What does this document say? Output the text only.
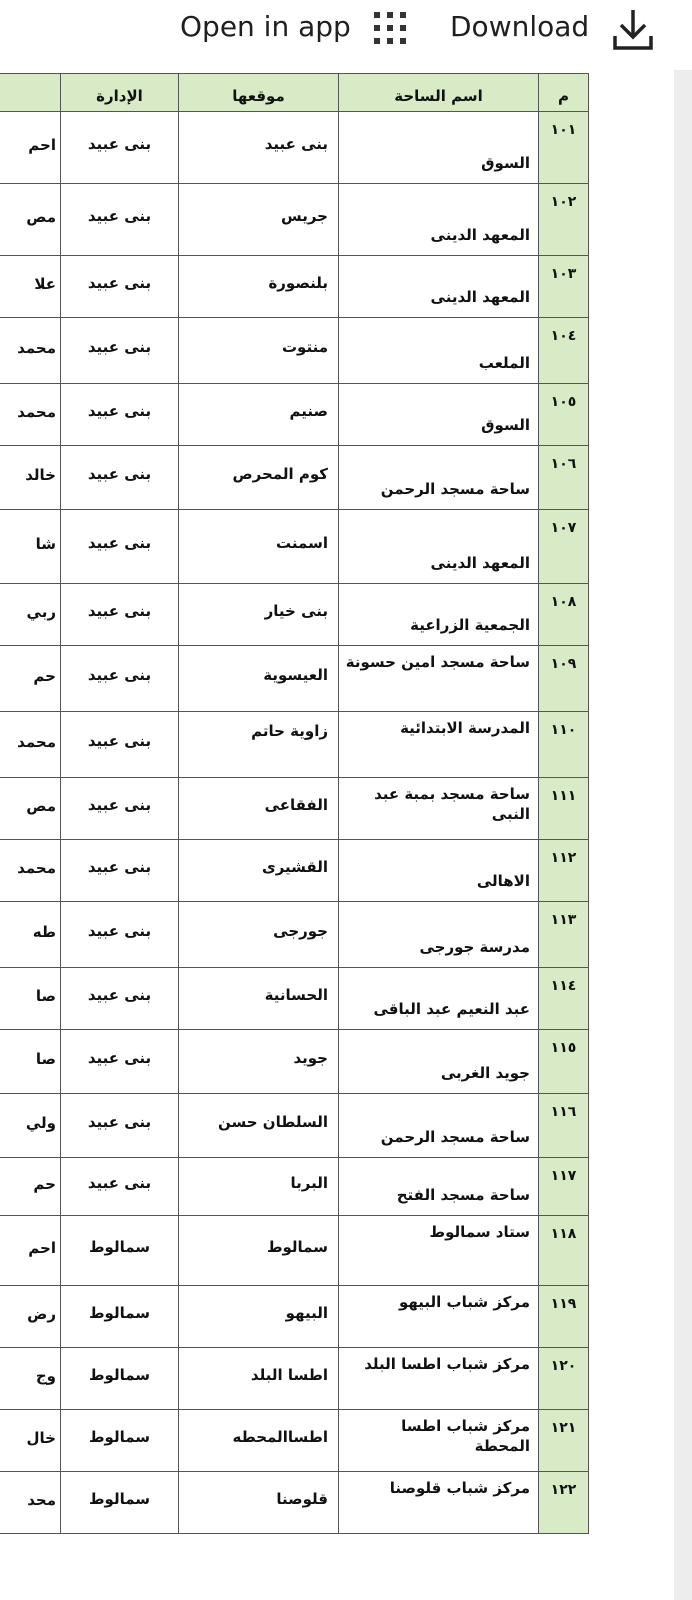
Open in app	Download
م	اسم الساحة	موقعها	الإدارة	
١٠١	السوق	بنى عبيد	بنى عبيد	احم
١٠٢	المعهد الدينى	جريس	بنى عبيد	مص
١٠٣	المعهد الدينى	بلنصورة	بنى عبيد	علا
١٠٤	الملعب	منتوت	بنى عبيد	محمد
١٠٥	السوق	صنيم	بنى عبيد	محمد
١٠٦	ساحة مسجد الرحمن	كوم المحرص	بنى عبيد	خالد
١٠٧	المعهد الدينى	اسمنت	بنى عبيد	شا
١٠٨	الجمعية الزراعية	بنى خيار	بنى عبيد	ربي
١٠٩	ساحة مسجد امين حسونة	العيسوية	بنى عبيد	حم
١١٠	المدرسة الابتدائية	زاوية حاتم	بنى عبيد	محمد
١١١	ساحة مسجد بمبة عبد النبى	الفقاعى	بنى عبيد	مص
١١٢	الاهالى	القشيرى	بنى عبيد	محمد
١١٣	مدرسة جورجى	جورجى	بنى عبيد	طه
١١٤	عبد النعيم عبد الباقى	الحسانية	بنى عبيد	صا
١١٥	جويد الغربى	جويد	بنى عبيد	صا
١١٦	ساحة مسجد الرحمن	السلطان حسن	بنى عبيد	ولي
١١٧	ساحة مسجد الفتح	البربا	بنى عبيد	حم
١١٨	ستاد سمالوط	سمالوط	سمالوط	احم
١١٩	مركز شباب البيهو	البيهو	سمالوط	رض
١٢٠	مركز شباب اطسا البلد	اطسا البلد	سمالوط	وج
١٢١	مركز شباب اطسا المحطة	اطساالمحطه	سمالوط	خال
١٢٢	مركز شباب قلوصنا	قلوصنا	سمالوط	محد
